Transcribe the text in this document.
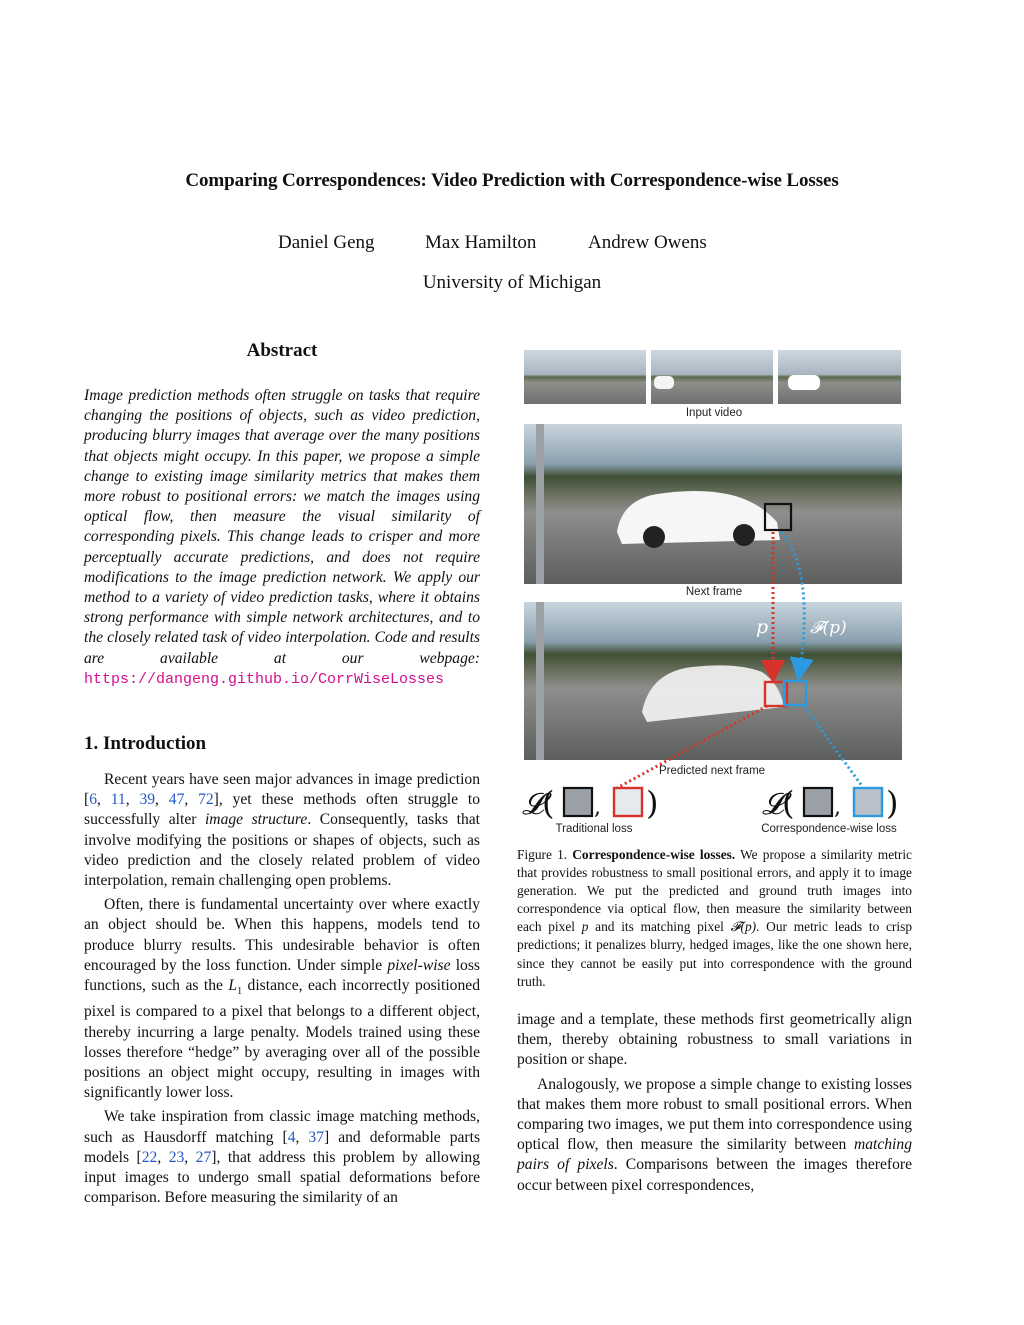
Comparing Correspondences: Video Prediction with Correspondence-wise Losses
Daniel Geng	Max Hamilton	Andrew Owens
University of Michigan
Abstract
Image prediction methods often struggle on tasks that require changing the positions of objects, such as video prediction, producing blurry images that average over the many positions that objects might occupy. In this paper, we propose a simple change to existing image similarity metrics that makes them more robust to positional errors: we match the images using optical flow, then measure the visual similarity of corresponding pixels. This change leads to crisper and more perceptually accurate predictions, and does not require modifications to the image prediction network. We apply our method to a variety of video prediction tasks, where it obtains strong performance with simple network architectures, and to the closely related task of video interpolation. Code and results are available at our webpage: https://dangeng.github.io/CorrWiseLosses
1. Introduction

Recent years have seen major advances in image prediction [6, 11, 39, 47, 72], yet these methods often struggle to successfully alter image structure. Consequently, tasks that involve modifying the positions or shapes of objects, such as video prediction and the closely related problem of video interpolation, remain challenging open problems.

Often, there is fundamental uncertainty over where exactly an object should be. When this happens, models tend to produce blurry results. This undesirable behavior is often encouraged by the loss function. Under simple pixel-wise loss functions, such as the $L_1$ distance, each incorrectly positioned pixel is compared to a pixel that belongs to a different object, thereby incurring a large penalty. Models trained using these losses therefore “hedge” by averaging over all of the possible positions an object might occupy, resulting in images with significantly lower loss.

We take inspiration from classic image matching methods, such as Hausdorff matching [4, 37] and deformable parts models [22, 23, 27], that address this problem by allowing input images to undergo small spatial deformations before comparison. Before measuring the similarity of an

Input video
𝓛
( , )	𝓛
( , )
p 𝓕(p)
Next frame
Predicted next frame
Traditional loss	Correspondence-wise loss
Figure 1. Correspondence-wise losses. We propose a similarity metric that provides robustness to small positional errors, and apply it to image generation. We put the predicted and ground truth images into correspondence via optical flow, then measure the similarity between each pixel p and its matching pixel 𝓕(p). Our metric leads to crisp predictions; it penalizes blurry, hedged images, like the one shown here, since they cannot be easily put into correspondence with the ground truth.

image and a template, these methods first geometrically align them, thereby obtaining robustness to small variations in position or shape.

Analogously, we propose a simple change to existing losses that makes them more robust to small positional errors. When comparing two images, we put them into correspondence using optical flow, then measure the similarity between matching pairs of pixels. Comparisons between the images therefore occur between pixel correspondences,
